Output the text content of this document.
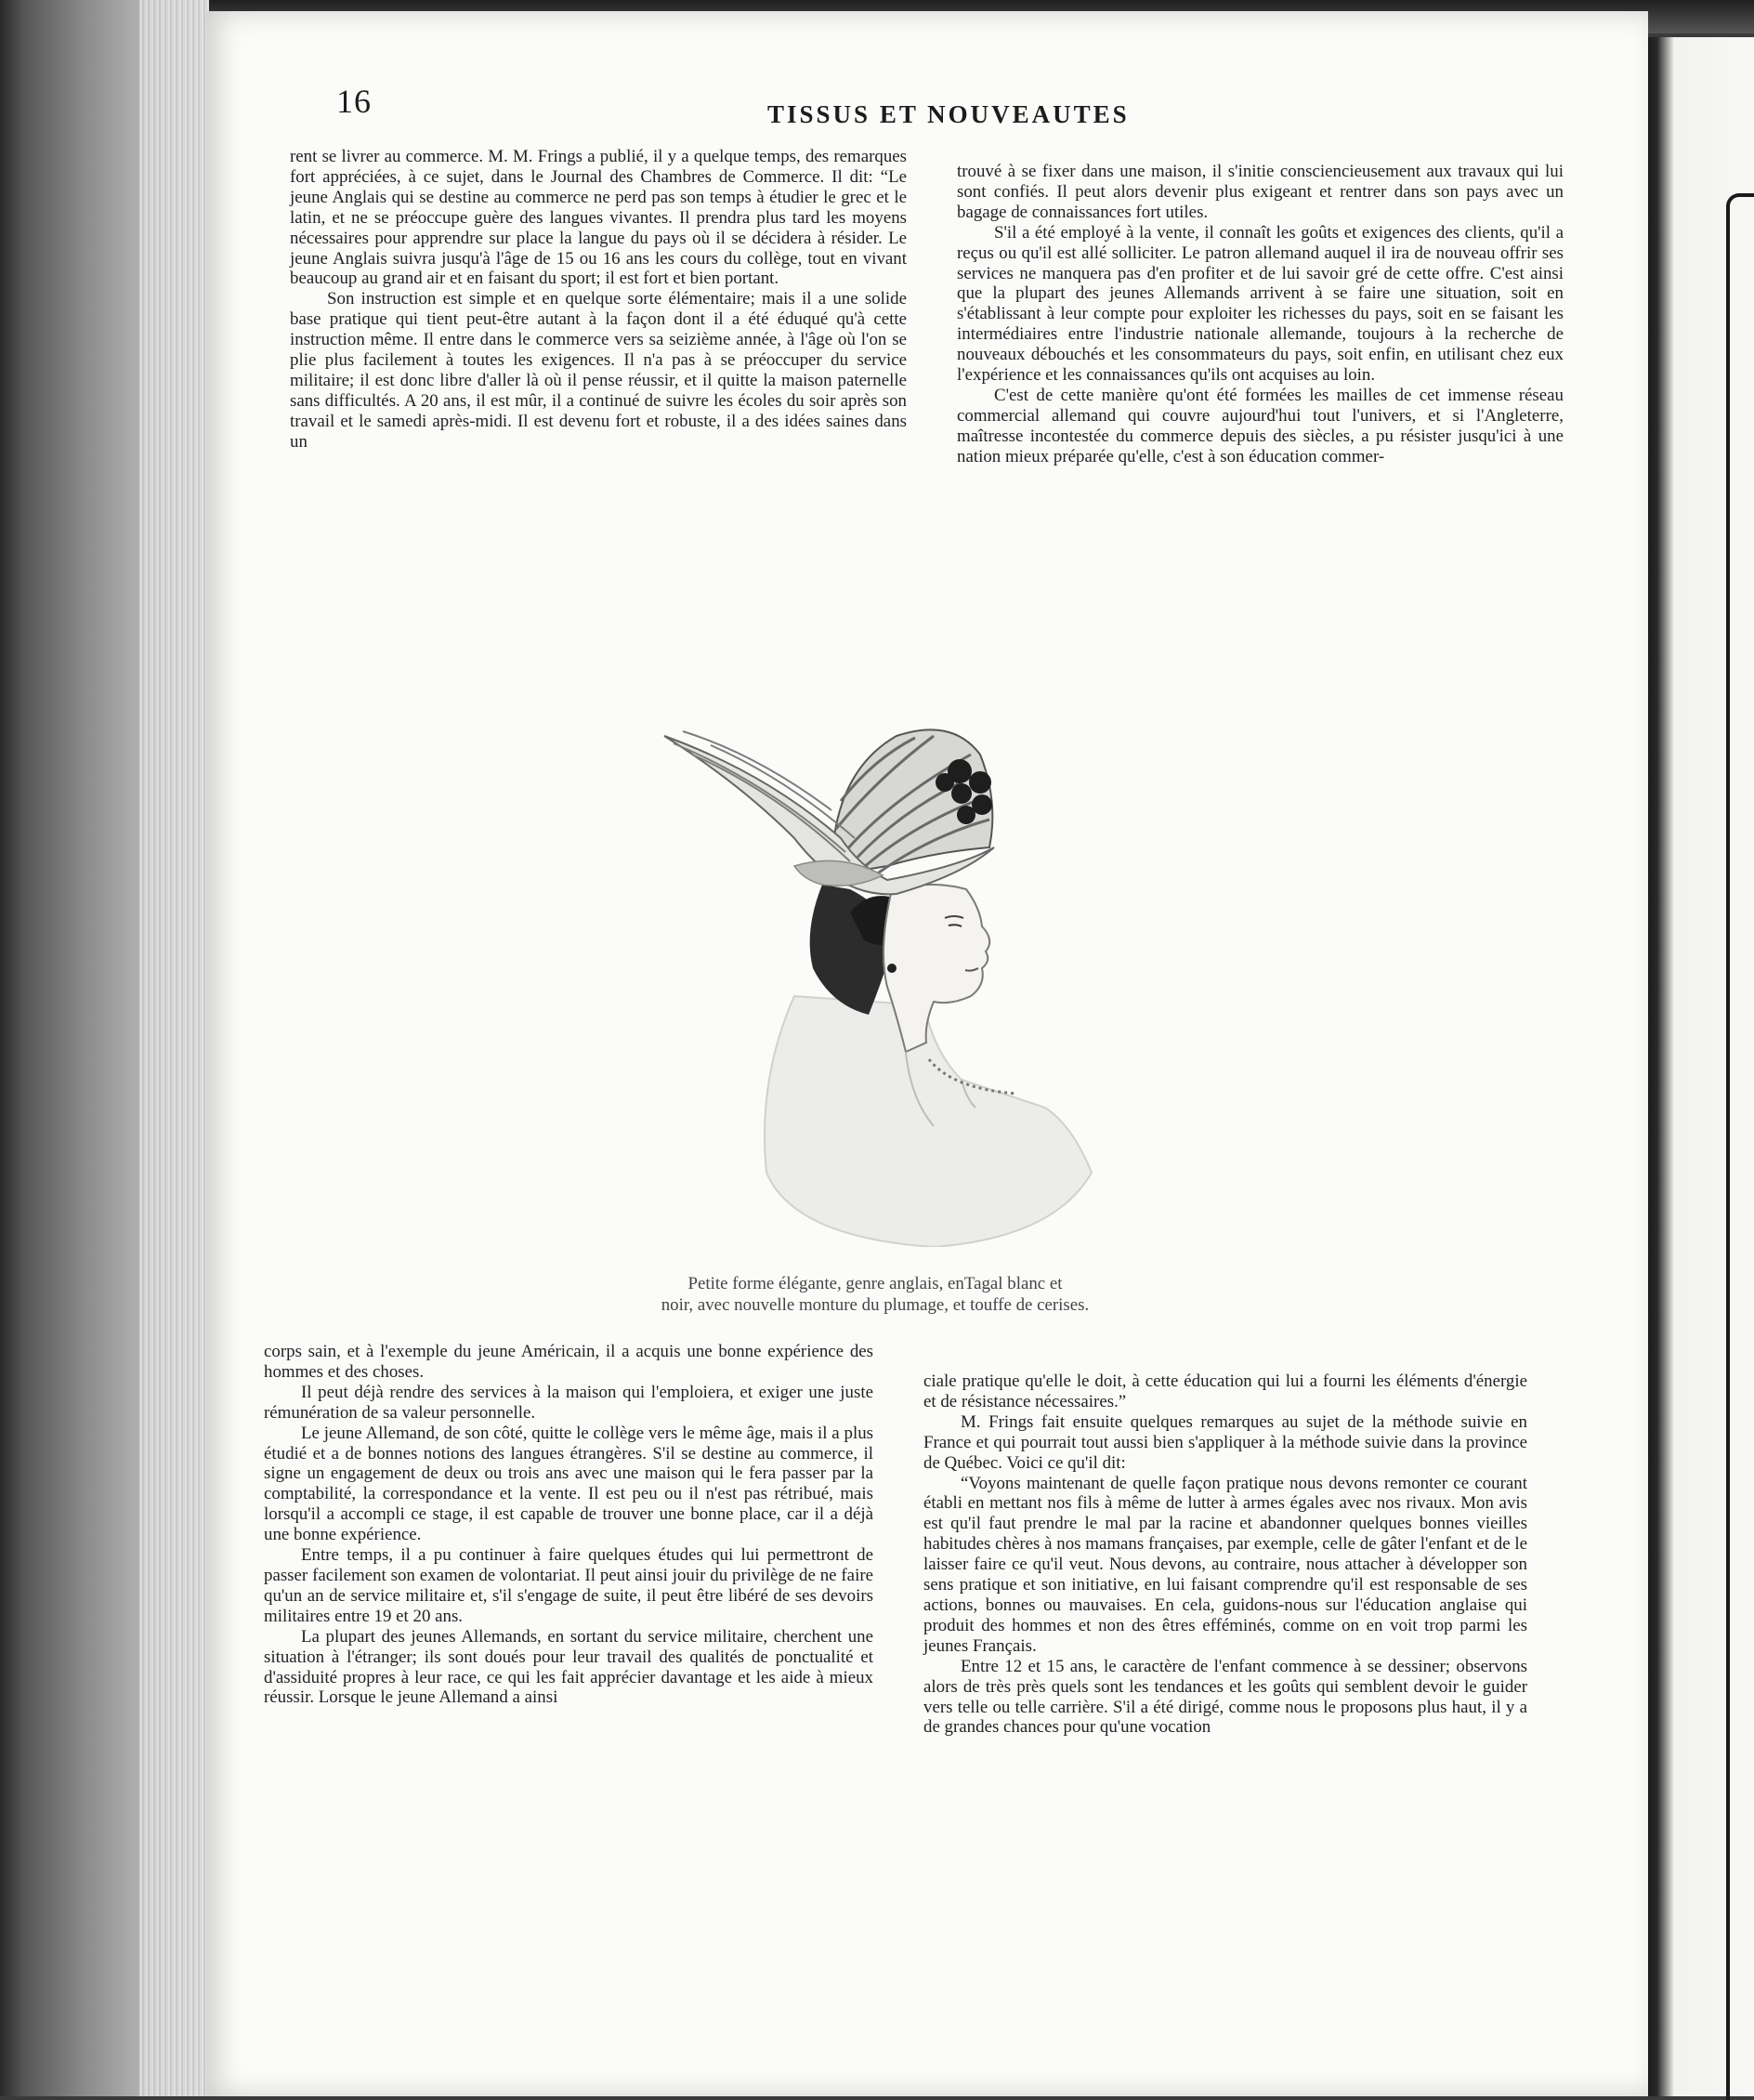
16	TISSUS ET NOUVEAUTES

rent se livrer au commerce. M. M. Frings a publié, il y a quelque temps, des remarques fort appréciées, à ce sujet, dans le Journal des Chambres de Commerce. Il dit: “Le jeune Anglais qui se destine au commerce ne perd pas son temps à étudier le grec et le latin, et ne se préoccupe guère des langues vivantes. Il prendra plus tard les moyens nécessaires pour apprendre sur place la langue du pays où il se décidera à résider. Le jeune Anglais suivra jusqu'à l'âge de 15 ou 16 ans les cours du collège, tout en vivant beaucoup au grand air et en faisant du sport; il est fort et bien portant.

Son instruction est simple et en quelque sorte élémentaire; mais il a une solide base pratique qui tient peut-être autant à la façon dont il a été éduqué qu'à cette instruction même. Il entre dans le commerce vers sa seizième année, à l'âge où l'on se plie plus facilement à toutes les exigences. Il n'a pas à se préoccuper du service militaire; il est donc libre d'aller là où il pense réussir, et il quitte la maison paternelle sans difficultés. A 20 ans, il est mûr, il a continué de suivre les écoles du soir après son travail et le samedi après-midi. Il est devenu fort et robuste, il a des idées saines dans un

trouvé à se fixer dans une maison, il s'initie consciencieusement aux travaux qui lui sont confiés. Il peut alors devenir plus exigeant et rentrer dans son pays avec un bagage de connaissances fort utiles.

S'il a été employé à la vente, il connaît les goûts et exigences des clients, qu'il a reçus ou qu'il est allé solliciter. Le patron allemand auquel il ira de nouveau offrir ses services ne manquera pas d'en profiter et de lui savoir gré de cette offre. C'est ainsi que la plupart des jeunes Allemands arrivent à se faire une situation, soit en s'établissant à leur compte pour exploiter les richesses du pays, soit en se faisant les intermédiaires entre l'industrie nationale allemande, toujours à la recherche de nouveaux débouchés et les consommateurs du pays, soit enfin, en utilisant chez eux l'expérience et les connaissances qu'ils ont acquises au loin.

C'est de cette manière qu'ont été formées les mailles de cet immense réseau commercial allemand qui couvre aujourd'hui tout l'univers, et si l'Angleterre, maîtresse incontestée du commerce depuis des siècles, a pu résister jusqu'ici à une nation mieux préparée qu'elle, c'est à son éducation commer-

Petite forme élégante, genre anglais, enTagal blanc et
noir, avec nouvelle monture du plumage, et touffe de cerises.

corps sain, et à l'exemple du jeune Américain, il a acquis une bonne expérience des hommes et des choses.

Il peut déjà rendre des services à la maison qui l'emploiera, et exiger une juste rémunération de sa valeur personnelle.

Le jeune Allemand, de son côté, quitte le collège vers le même âge, mais il a plus étudié et a de bonnes notions des langues étrangères. S'il se destine au commerce, il signe un engagement de deux ou trois ans avec une maison qui le fera passer par la comptabilité, la correspondance et la vente. Il est peu ou il n'est pas rétribué, mais lorsqu'il a accompli ce stage, il est capable de trouver une bonne place, car il a déjà une bonne expérience.

Entre temps, il a pu continuer à faire quelques études qui lui permettront de passer facilement son examen de volontariat. Il peut ainsi jouir du privilège de ne faire qu'un an de service militaire et, s'il s'engage de suite, il peut être libéré de ses devoirs militaires entre 19 et 20 ans.

La plupart des jeunes Allemands, en sortant du service militaire, cherchent une situation à l'étranger; ils sont doués pour leur travail des qualités de ponctualité et d'assiduité propres à leur race, ce qui les fait apprécier davantage et les aide à mieux réussir. Lorsque le jeune Allemand a ainsi

ciale pratique qu'elle le doit, à cette éducation qui lui a fourni les éléments d'énergie et de résistance nécessaires.”

M. Frings fait ensuite quelques remarques au sujet de la méthode suivie en France et qui pourrait tout aussi bien s'appliquer à la méthode suivie dans la province de Québec. Voici ce qu'il dit:

“Voyons maintenant de quelle façon pratique nous devons remonter ce courant établi en mettant nos fils à même de lutter à armes égales avec nos rivaux. Mon avis est qu'il faut prendre le mal par la racine et abandonner quelques bonnes vieilles habitudes chères à nos mamans françaises, par exemple, celle de gâter l'enfant et de le laisser faire ce qu'il veut. Nous devons, au contraire, nous attacher à développer son sens pratique et son initiative, en lui faisant comprendre qu'il est responsable de ses actions, bonnes ou mauvaises. En cela, guidons-nous sur l'éducation anglaise qui produit des hommes et non des êtres efféminés, comme on en voit trop parmi les jeunes Français.

Entre 12 et 15 ans, le caractère de l'enfant commence à se dessiner; observons alors de très près quels sont les tendances et les goûts qui semblent devoir le guider vers telle ou telle carrière. S'il a été dirigé, comme nous le proposons plus haut, il y a de grandes chances pour qu'une vocation
